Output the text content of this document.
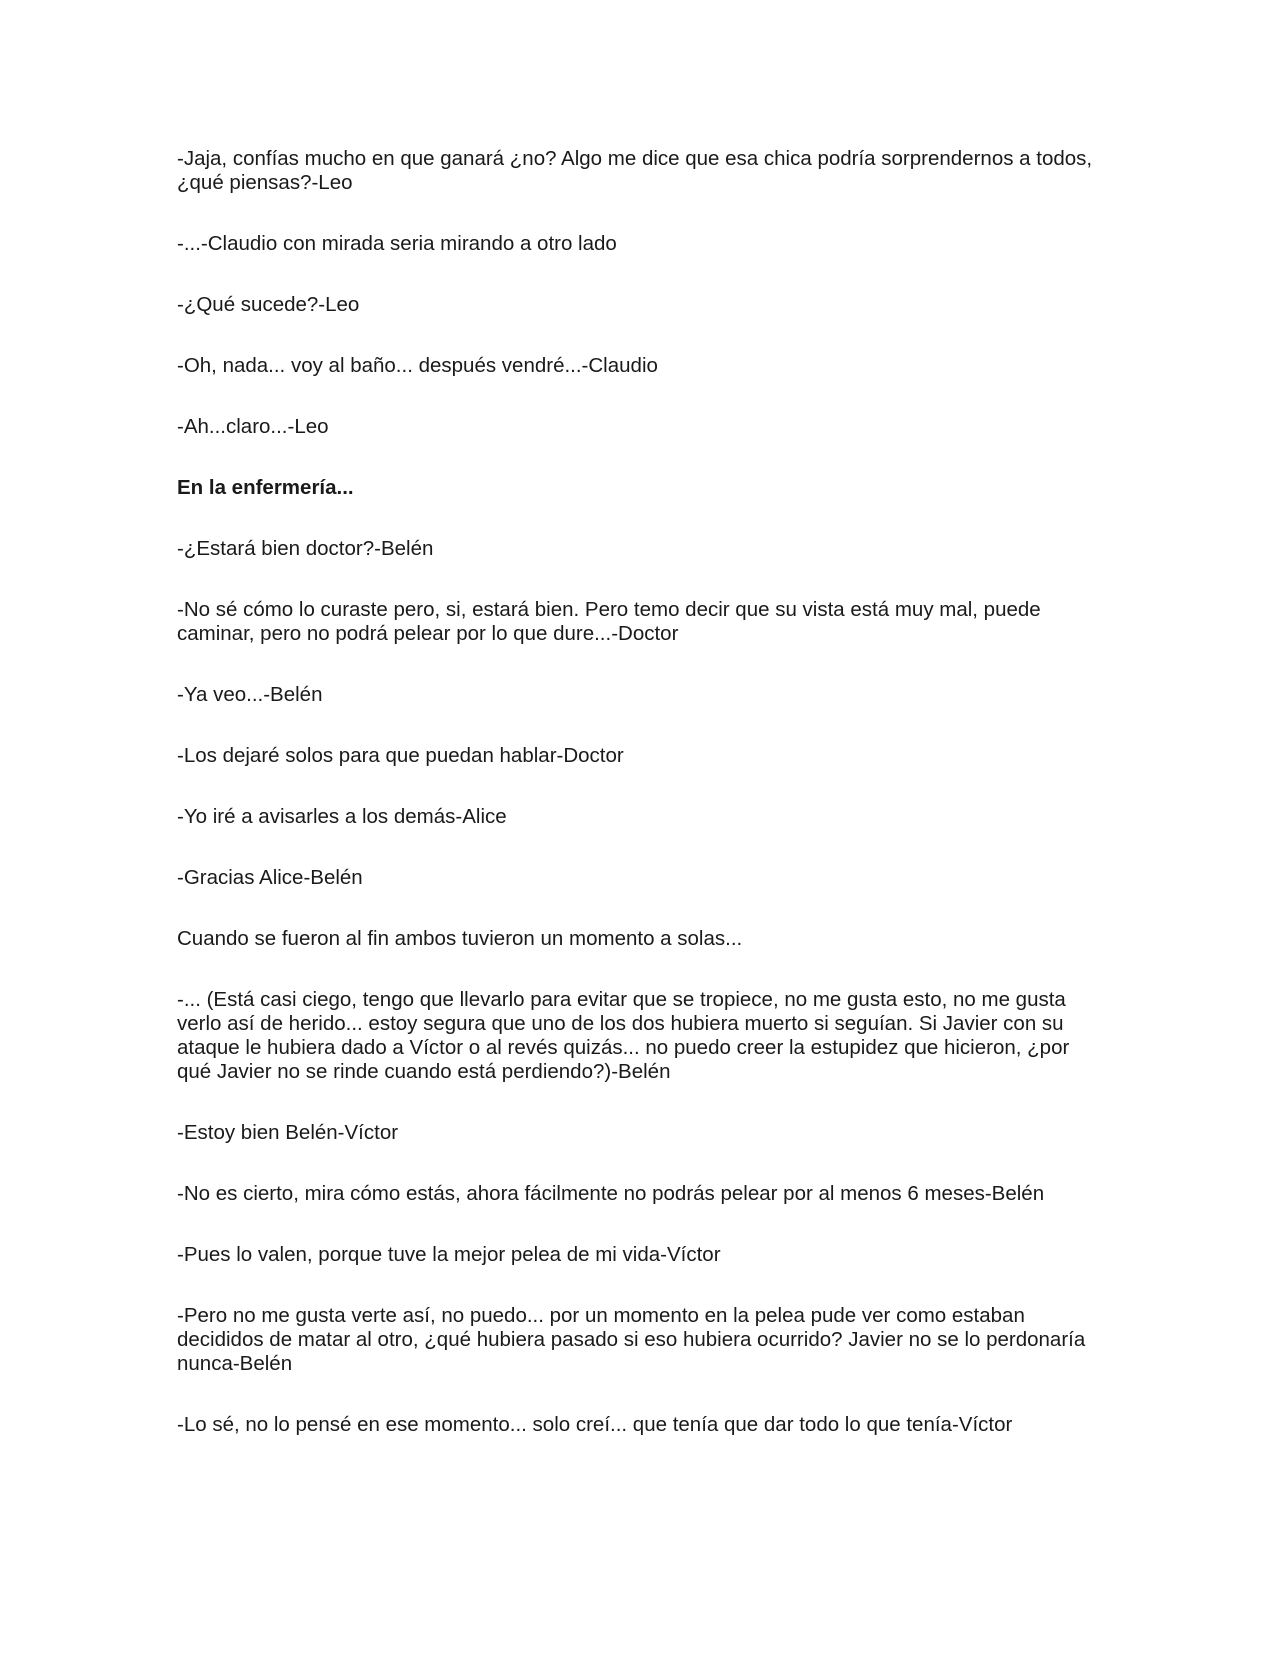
-Jaja, confías mucho en que ganará ¿no? Algo me dice que esa chica podría sorprendernos a todos, ¿qué piensas?-Leo

-...-Claudio con mirada seria mirando a otro lado

-¿Qué sucede?-Leo

-Oh, nada... voy al baño... después vendré...-Claudio

-Ah...claro...-Leo

En la enfermería...

-¿Estará bien doctor?-Belén

-No sé cómo lo curaste pero, si, estará bien. Pero temo decir que su vista está muy mal, puede caminar, pero no podrá pelear por lo que dure...-Doctor

-Ya veo...-Belén

-Los dejaré solos para que puedan hablar-Doctor

-Yo iré a avisarles a los demás-Alice

-Gracias Alice-Belén

Cuando se fueron al fin ambos tuvieron un momento a solas...

-... (Está casi ciego, tengo que llevarlo para evitar que se tropiece, no me gusta esto, no me gusta verlo así de herido... estoy segura que uno de los dos hubiera muerto si seguían. Si Javier con su ataque le hubiera dado a Víctor o al revés quizás... no puedo creer la estupidez que hicieron, ¿por qué Javier no se rinde cuando está perdiendo?)-Belén

-Estoy bien Belén-Víctor

-No es cierto, mira cómo estás, ahora fácilmente no podrás pelear por al menos 6 meses-Belén

-Pues lo valen, porque tuve la mejor pelea de mi vida-Víctor

-Pero no me gusta verte así, no puedo... por un momento en la pelea pude ver como estaban decididos de matar al otro, ¿qué hubiera pasado si eso hubiera ocurrido? Javier no se lo perdonaría nunca-Belén

-Lo sé, no lo pensé en ese momento... solo creí... que tenía que dar todo lo que tenía-Víctor
